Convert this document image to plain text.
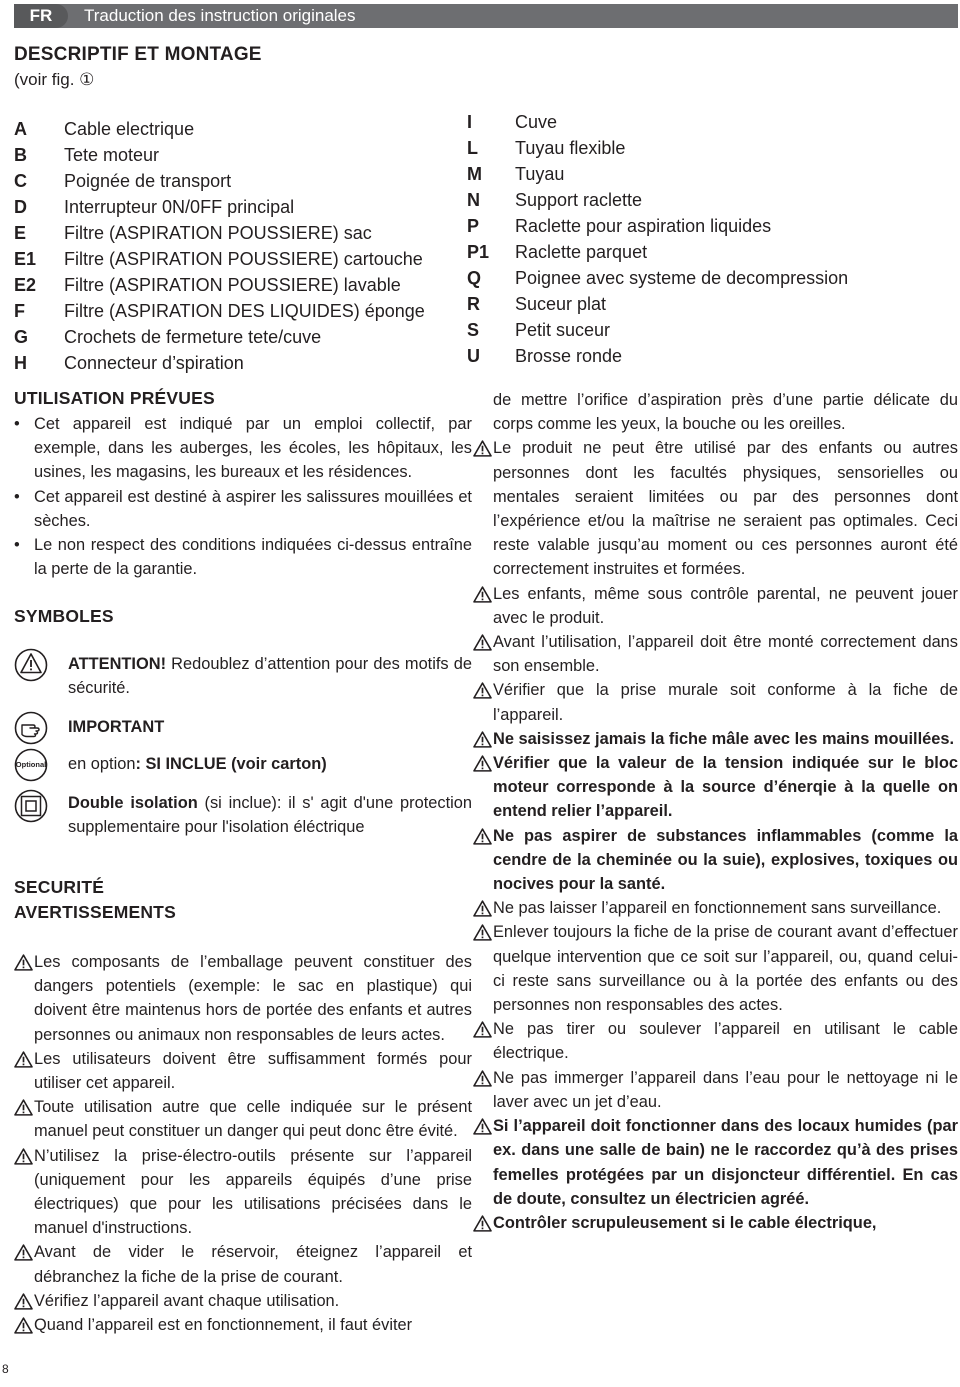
FR	Traduction des instruction originales
DESCRIPTIF ET MONTAGE
(voir fig. ①
A Cable electrique
B Tete moteur
C Poignée de transport
D Interrupteur 0N/0FF principal
E Filtre (ASPIRATION POUSSIERE) sac
E1 Filtre (ASPIRATION POUSSIERE) cartouche
E2 Filtre (ASPIRATION POUSSIERE) lavable
F Filtre (ASPIRATION DES LIQUIDES) éponge
G Crochets de fermeture tete/cuve
H Connecteur d’spiration
I Cuve
L Tuyau flexible
M Tuyau
N Support raclette
P Raclette pour aspiration liquides
P1 Raclette parquet
Q Poignee avec systeme de decompression
R Suceur plat
S Petit suceur
U Brosse ronde
UTILISATION PRÉVUES

• Cet appareil est indiqué par un emploi collectif, par exemple, dans les auberges, les écoles, les hôpitaux, les usines, les magasins, les bureaux et les résidences.

• Cet appareil est destiné à aspirer les salissures mouillées et sèches.

• Le non respect des conditions indiquées ci-dessus entraîne la perte de la garantie.

SYMBOLES
ATTENTION! Redoublez d’attention pour des motifs de sécurité.
IMPORTANT
Optional en option: SI INCLUE (voir carton)
Double isolation (si inclue): il s' agit d'une protection supplementaire pour l'isolation éléctrique
SECURITÉ
AVERTISSEMENTS

Les composants de l’emballage peuvent constituer des dangers potentiels (exemple: le sac en plastique) qui doivent être maintenus hors de portée des enfants et autres personnes ou animaux non responsables de leurs actes.

Les utilisateurs doivent être suffisamment formés pour utiliser cet appareil.

Toute utilisation autre que celle indiquée sur le présent manuel peut constituer un danger qui peut donc être évité.

N’utilisez la prise-électro-outils présente sur l’appareil (uniquement pour les appareils équipés d’une prise électriques) que pour les utilisations précisées dans le manuel d'instructions.

Avant de vider le réservoir, éteignez l’appareil et débranchez la fiche de la prise de courant.

Vérifiez l’appareil avant chaque utilisation.

Quand l’appareil est en fonctionnement, il faut éviter

de mettre l’orifice d’aspiration près d’une partie délicate du corps comme les yeux, la bouche ou les oreilles.

Le produit ne peut être utilisé par des enfants ou autres personnes dont les facultés physiques, sensorielles ou mentales seraient limitées ou par des personnes dont l’expérience et/ou la maîtrise ne seraient pas optimales. Ceci reste valable jusqu’au moment ou ces personnes auront été correctement instruites et formées.

Les enfants, même sous contrôle parental, ne peuvent jouer avec le produit.

Avant l’utilisation, l’appareil doit être monté correctement dans son ensemble.

Vérifier que la prise murale soit conforme à la fiche de l’appareil.

Ne saisissez jamais la fiche mâle avec les mains mouillées.

Vérifier que la valeur de la tension indiquée sur le bloc moteur corresponde à la source d’énerqie à la quelle on entend relier l’appareil.

Ne pas aspirer de substances inflammables (comme la cendre de la cheminée ou la suie), explosives, toxiques ou nocives pour la santé.

Ne pas laisser l’appareil en fonctionnement sans surveillance.

Enlever toujours la fiche de la prise de courant avant d’effectuer quelque intervention que ce soit sur l’appareil, ou, quand celui-ci reste sans surveillance ou à la portée des enfants ou des personnes non responsables des actes.

Ne pas tirer ou soulever l’appareil en utilisant le cable électrique.

Ne pas immerger l’appareil dans l’eau pour le nettoyage ni le laver avec un jet d’eau.

Si l’appareil doit fonctionner dans des locaux humides (par ex. dans une salle de bain) ne le raccordez qu’à des prises femelles protégées par un disjoncteur différentiel. En cas de doute, consultez un électricien agréé.

Contrôler scrupuleusement si le cable électrique,

8
